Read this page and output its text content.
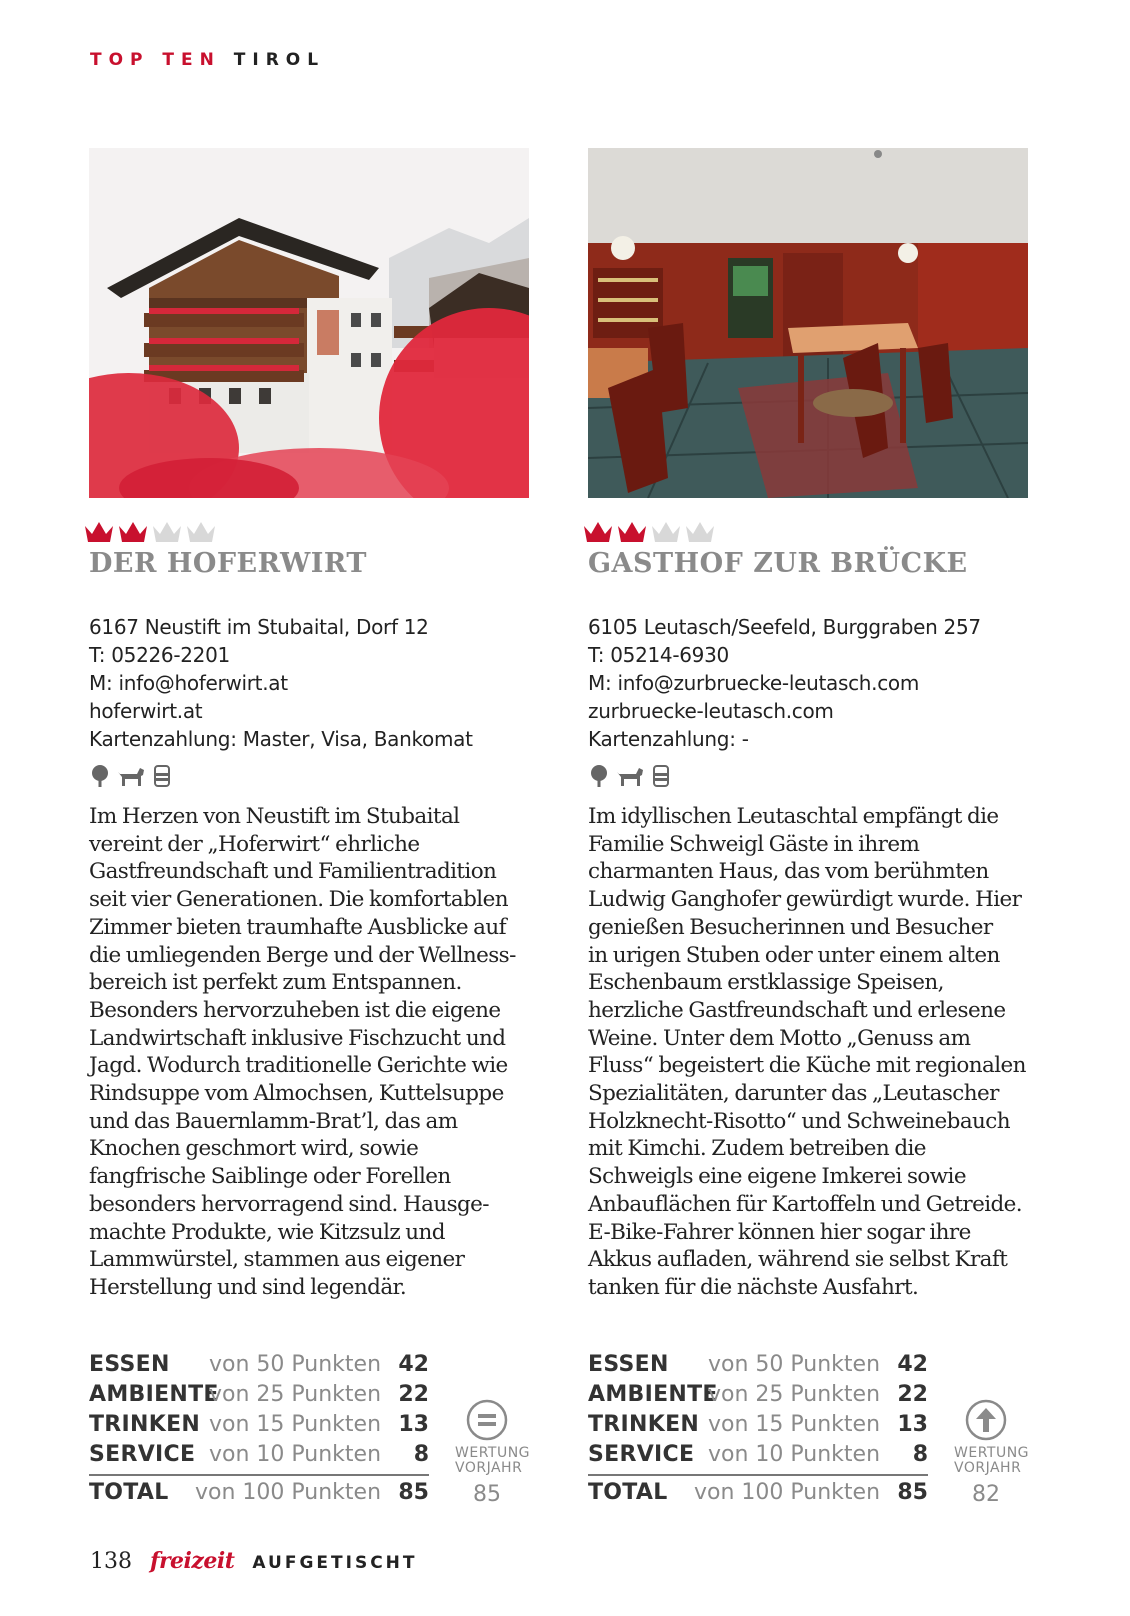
TOP TEN TIROL
DER HOFERWIRT
6167 Neustift im Stubaital, Dorf 12
T: 05226-2201
M: info@hoferwirt.at
hoferwirt.at
Kartenzahlung: Master, Visa, Bankomat
Im Herzen von Neustift im Stubaital
vereint der „Hoferwirt“ ehrliche
Gastfreundschaft und Familientradition
seit vier Generationen. Die komfortablen
Zimmer bieten traumhafte Ausblicke auf
die umliegenden Berge und der Wellness-
bereich ist perfekt zum Entspannen.
Besonders hervorzuheben ist die eigene
Landwirtschaft inklusive Fischzucht und
Jagd. Wodurch traditionelle Gerichte wie
Rindsuppe vom Almochsen, Kuttelsuppe
und das Bauernlamm-Brat’l, das am
Knochen geschmort wird, sowie
fangfrische Saiblinge oder Forellen
besonders hervorragend sind. Hausge-
machte Produkte, wie Kitzsulz und
Lammwürstel, stammen aus eigener
Herstellung und sind legendär.
GASTHOF ZUR BRÜCKE
6105 Leutasch/Seefeld, Burggraben 257
T: 05214-6930
M: info@zurbruecke-leutasch.com
zurbruecke-leutasch.com
Kartenzahlung: -
Im idyllischen Leutaschtal empfängt die
Familie Schweigl Gäste in ihrem
charmanten Haus, das vom berühmten
Ludwig Ganghofer gewürdigt wurde. Hier
genießen Besucherinnen und Besucher
in urigen Stuben oder unter einem alten
Eschenbaum erstklassige Speisen,
herzliche Gastfreundschaft und erlesene
Weine. Unter dem Motto „Genuss am
Fluss“ begeistert die Küche mit regionalen
Spezialitäten, darunter das „Leutascher
Holzknecht-Risotto“ und Schweinebauch
mit Kimchi. Zudem betreiben die
Schweigls eine eigene Imkerei sowie
Anbauflächen für Kartoffeln und Getreide.
E-Bike-Fahrer können hier sogar ihre
Akkus aufladen, während sie selbst Kraft
tanken für die nächste Ausfahrt.
ESSEN von 50 Punkten 42
AMBIENTE
von 25 Punkten 22
TRINKEN von 15 Punkten 13
SERVICE von 10 Punkten 8
TOTAL von 100 Punkten 85
WERTUNG
VORJAHR
85
ESSEN von 50 Punkten 42
AMBIENTE
von 25 Punkten 22
TRINKEN von 15 Punkten 13
SERVICE von 10 Punkten 8
TOTAL von 100 Punkten 85
WERTUNG
VORJAHR
82
138 freizeit AUFGETISCHT
